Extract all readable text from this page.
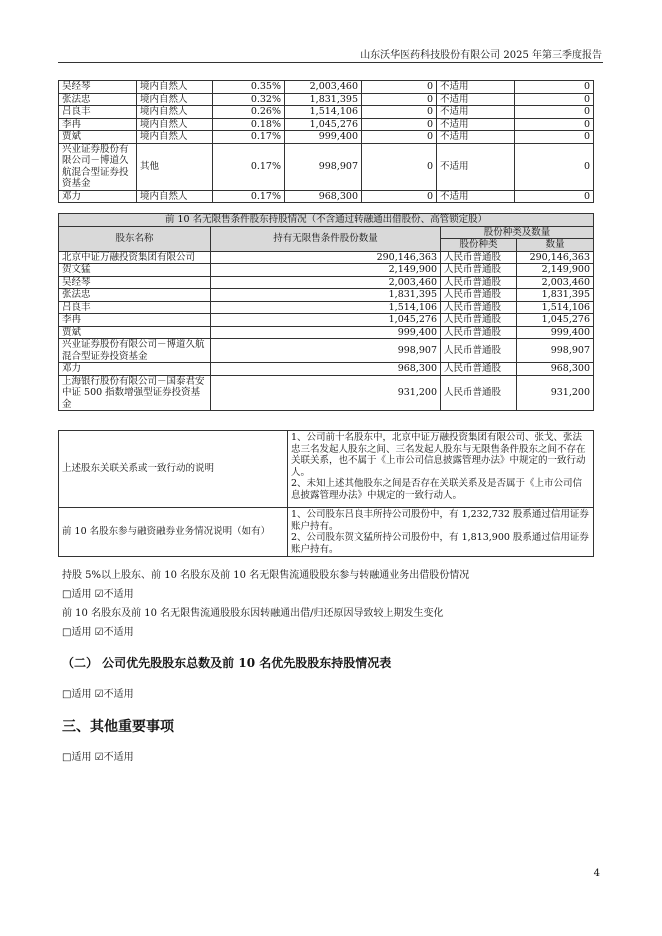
山东沃华医药科技股份有限公司 2025 年第三季度报告
吴经琴	境内自然人	0.35%	2,003,460	0	不适用	0
张法忠	境内自然人	0.32%	1,831,395	0	不适用	0
吕良丰	境内自然人	0.26%	1,514,106	0	不适用	0
李冉	境内自然人	0.18%	1,045,276	0	不适用	0
贾斌	境内自然人	0.17%	999,400	0	不适用	0
兴业证券股份有限公司－博道久航混合型证券投资基金	其他	0.17%	998,907	0	不适用	0
邓力	境内自然人	0.17%	968,300	0	不适用	0
前 10 名无限售条件股东持股情况（不含通过转融通出借股份、高管锁定股）			
股东名称	持有无限售条件股份数量	股份种类及数量	
		股份种类	数量
北京中证万融投资集团有限公司	290,146,363	人民币普通股	290,146,363
贺文猛	2,149,900	人民币普通股	2,149,900
吴经琴	2,003,460	人民币普通股	2,003,460
张法忠	1,831,395	人民币普通股	1,831,395
吕良丰	1,514,106	人民币普通股	1,514,106
李冉	1,045,276	人民币普通股	1,045,276
贾斌	999,400	人民币普通股	999,400
兴业证券股份有限公司－博道久航混合型证券投资基金	998,907	人民币普通股	998,907
邓力	968,300	人民币普通股	968,300
上海银行股份有限公司－国泰君安中证 500 指数增强型证券投资基金	931,200	人民币普通股	931,200
上述股东关联关系或一致行动的说明	1、公司前十名股东中，北京中证万融投资集团有限公司、张戈、张法忠三名发起人股东之间、三名发起人股东与无限售条件股东之间不存在关联关系，也不属于《上市公司信息披露管理办法》中规定的一致行动人。
2、未知上述其他股东之间是否存在关联关系及是否属于《上市公司信息披露管理办法》中规定的一致行动人。

前 10 名股东参与融资融券业务情况说明（如有）	1、公司股东吕良丰所持公司股份中，有 1,232,732 股系通过信用证券账户持有。
2、公司股东贺文猛所持公司股份中，有 1,813,900 股系通过信用证券账户持有。
持股 5%以上股东、前 10 名股东及前 10 名无限售流通股股东参与转融通业务出借股份情况
□适用 ☑不适用
前 10 名股东及前 10 名无限售流通股股东因转融通出借/归还原因导致较上期发生变化
□适用 ☑不适用
（二） 公司优先股股东总数及前 10 名优先股股东持股情况表
□适用 ☑不适用
三、其他重要事项
□适用 ☑不适用
4
